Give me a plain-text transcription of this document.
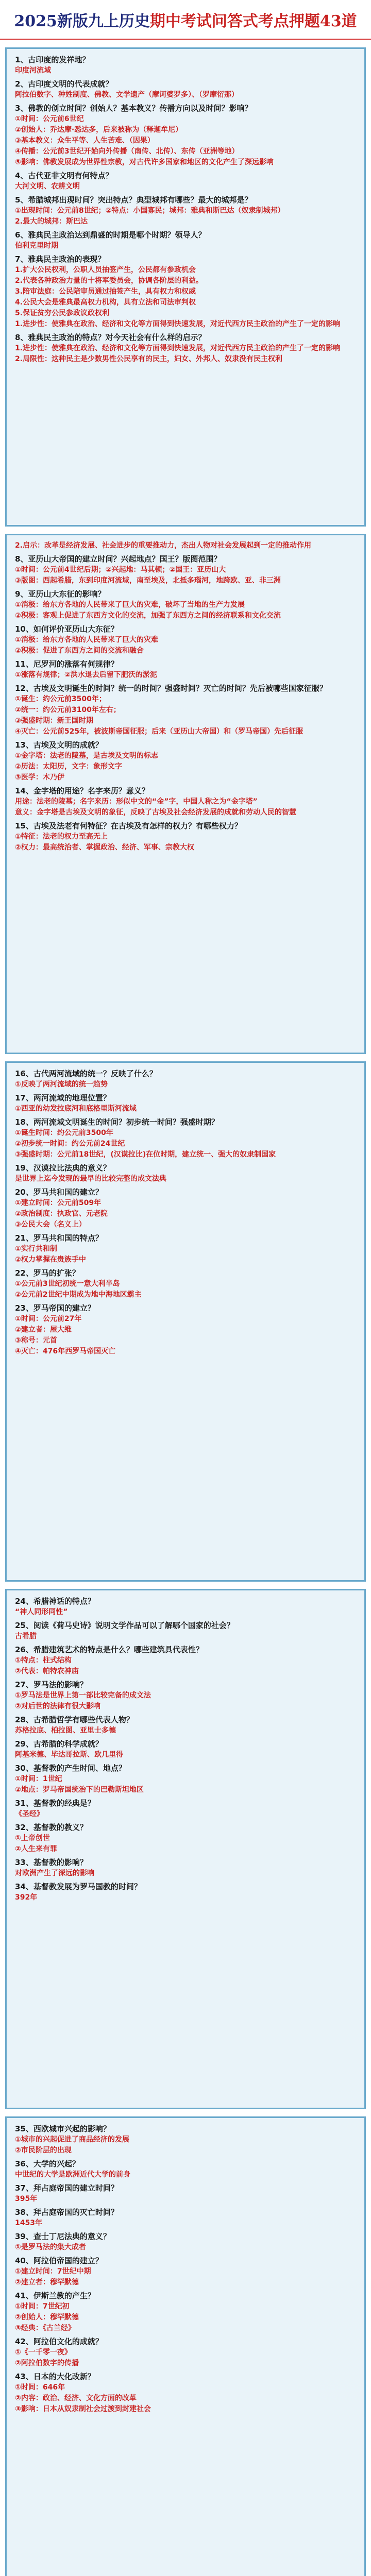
2025新版九上历史 期中考试问答式考点押题43道
1、古印度的发祥地？
印度河流域
2、古印度文明的代表成就？
阿拉伯数字、种姓制度、佛教、文学遗产（摩诃婆罗多）、（罗摩衍那）
3、佛教的创立时间？创始人？基本教义？传播方向以及时间？影响？
①时间：公元前6世纪
②创始人：乔达摩·悉达多，后来被称为（释迦牟尼）
③基本教义：众生平等、人生苦难、（因果）
④传播：公元前3世纪开始向外传播（南传、北传）、东传（亚洲等地）
⑤影响：佛教发展成为世界性宗教，对古代许多国家和地区的文化产生了深远影响
4、古代亚非文明有何特点？
大河文明、农耕文明
5、希腊城邦出现时间？突出特点？典型城邦有哪些？最大的城邦是？
①出现时间：公元前8世纪；②特点：小国寡民；城邦：雅典和斯巴达（奴隶制城邦）
2.最大的城邦：斯巴达
6、雅典民主政治达到鼎盛的时期是哪个时期？领导人？
伯利克里时期
7、雅典民主政治的表现？
1.扩大公民权利，公职人员抽签产生，公民都有参政机会
2.代表各种政治力量的十将军委员会，协调各阶层的利益。
3.陪审法庭：公民陪审员通过抽签产生，具有权力和权威
4.公民大会是雅典最高权力机构，具有立法和司法审判权
5.保证贫穷公民参政议政权利
1.进步性：使雅典在政治、经济和文化等方面得到快速发展，对近代西方民主政治的产生了一定的影响
8、雅典民主政治的特点？对今天社会有什么样的启示？
1.进步性：使雅典在政治、经济和文化等方面得到快速发展，对近代西方民主政治的产生了一定的影响
2.局限性：这种民主是少数男性公民享有的民主，妇女、外邦人、奴隶没有民主权利
2.启示：改革是经济发展、社会进步的重要推动力，杰出人物对社会发展起到一定的推动作用
8、亚历山大帝国的建立时间？兴起地点？国王？版图范围？
①时间：公元前4世纪后期；②兴起地：马其顿；②国王：亚历山大
③版图：西起希腊，东到印度河流域，南至埃及，北抵多瑙河，地跨欧、亚、非三洲
9、亚历山大东征的影响？
①消极：给东方各地的人民带来了巨大的灾难，破坏了当地的生产力发展
②积极：客观上促进了东西方文化的交流，加强了东西方之间的经济联系和文化交流
10、如何评价亚历山大东征？
①消极：给东方各地的人民带来了巨大的灾难
②积极：促进了东西方之间的交流和融合
11、尼罗河的涨落有何规律？
①涨落有规律；②洪水退去后留下肥沃的淤泥
12、古埃及文明诞生的时间？统一的时间？强盛时间？灭亡的时间？先后被哪些国家征服？
①诞生：约公元前3500年；
②统一：约公元前3100年左右；
③强盛时期：新王国时期
④灭亡：公元前525年，被波斯帝国征服；后来（亚历山大帝国）和（罗马帝国）先后征服
13、古埃及文明的成就？
①金字塔：法老的陵墓，是古埃及文明的标志
②历法：太阳历，文字：象形文字
③医学：木乃伊
14、金字塔的用途？名字来历？意义？
用途：法老的陵墓；名字来历：形似中文的“金”字，中国人称之为“金字塔”
意义：金字塔是古埃及文明的象征，反映了古埃及社会经济发展的成就和劳动人民的智慧
15、古埃及法老有何特征？在古埃及有怎样的权力？有哪些权力？
①特征：法老的权力至高无上
②权力：最高统治者、掌握政治、经济、军事、宗教大权
16、古代两河流域的统一？反映了什么？
①反映了两河流域的统一趋势
17、两河流域的地理位置？
①西亚的幼发拉底河和底格里斯河流域
18、两河流域文明诞生的时间？初步统一时间？强盛时期？
①诞生时间：约公元前3500年
②初步统一时间：约公元前24世纪
③强盛时期：公元前18世纪，(汉谟拉比)在位时期，建立统一、强大的奴隶制国家
19、汉谟拉比法典的意义？
是世界上迄今发现的最早的比较完整的成文法典
20、罗马共和国的建立？
①建立时间：公元前509年
②政治制度：执政官、元老院
③公民大会（名义上）
21、罗马共和国的特点？
①实行共和制
②权力掌握在贵族手中
22、罗马的扩张？
①公元前3世纪初统一意大利半岛
②公元前2世纪中期成为地中海地区霸主
23、罗马帝国的建立？
①时间：公元前27年
②建立者：屋大维
③称号：元首
④灭亡：476年西罗马帝国灭亡
24、希腊神话的特点？
“神人同形同性”
25、阅读《荷马史诗》说明文学作品可以了解哪个国家的社会？
古希腊
26、希腊建筑艺术的特点是什么？哪些建筑具代表性？
①特点：柱式结构
②代表：帕特农神庙
27、罗马法的影响？
①罗马法是世界上第一部比较完备的成文法
②对后世的法律有很大影响
28、古希腊哲学有哪些代表人物？
苏格拉底、柏拉图、亚里士多德
29、古希腊的科学成就？
阿基米德、毕达哥拉斯、欧几里得
30、基督教的产生时间、地点？
①时间：1世纪
②地点：罗马帝国统治下的巴勒斯坦地区
31、基督教的经典是？
《圣经》
32、基督教的教义？
①上帝创世
②人生来有罪
33、基督教的影响？
对欧洲产生了深远的影响
34、基督教发展为罗马国教的时间？
392年
35、西欧城市兴起的影响？
①城市的兴起促进了商品经济的发展
②市民阶层的出现
36、大学的兴起？
中世纪的大学是欧洲近代大学的前身
37、拜占庭帝国的建立时间？
395年
38、拜占庭帝国的灭亡时间？
1453年
39、查士丁尼法典的意义？
①是罗马法的集大成者
40、阿拉伯帝国的建立？
①建立时间：7世纪中期
②建立者：穆罕默德
41、伊斯兰教的产生？
①时间：7世纪初
②创始人：穆罕默德
③经典：《古兰经》
42、阿拉伯文化的成就？
①《一千零一夜》
②阿拉伯数字的传播
43、日本的大化改新？
①时间：646年
②内容：政治、经济、文化方面的改革
③影响：日本从奴隶制社会过渡到封建社会
